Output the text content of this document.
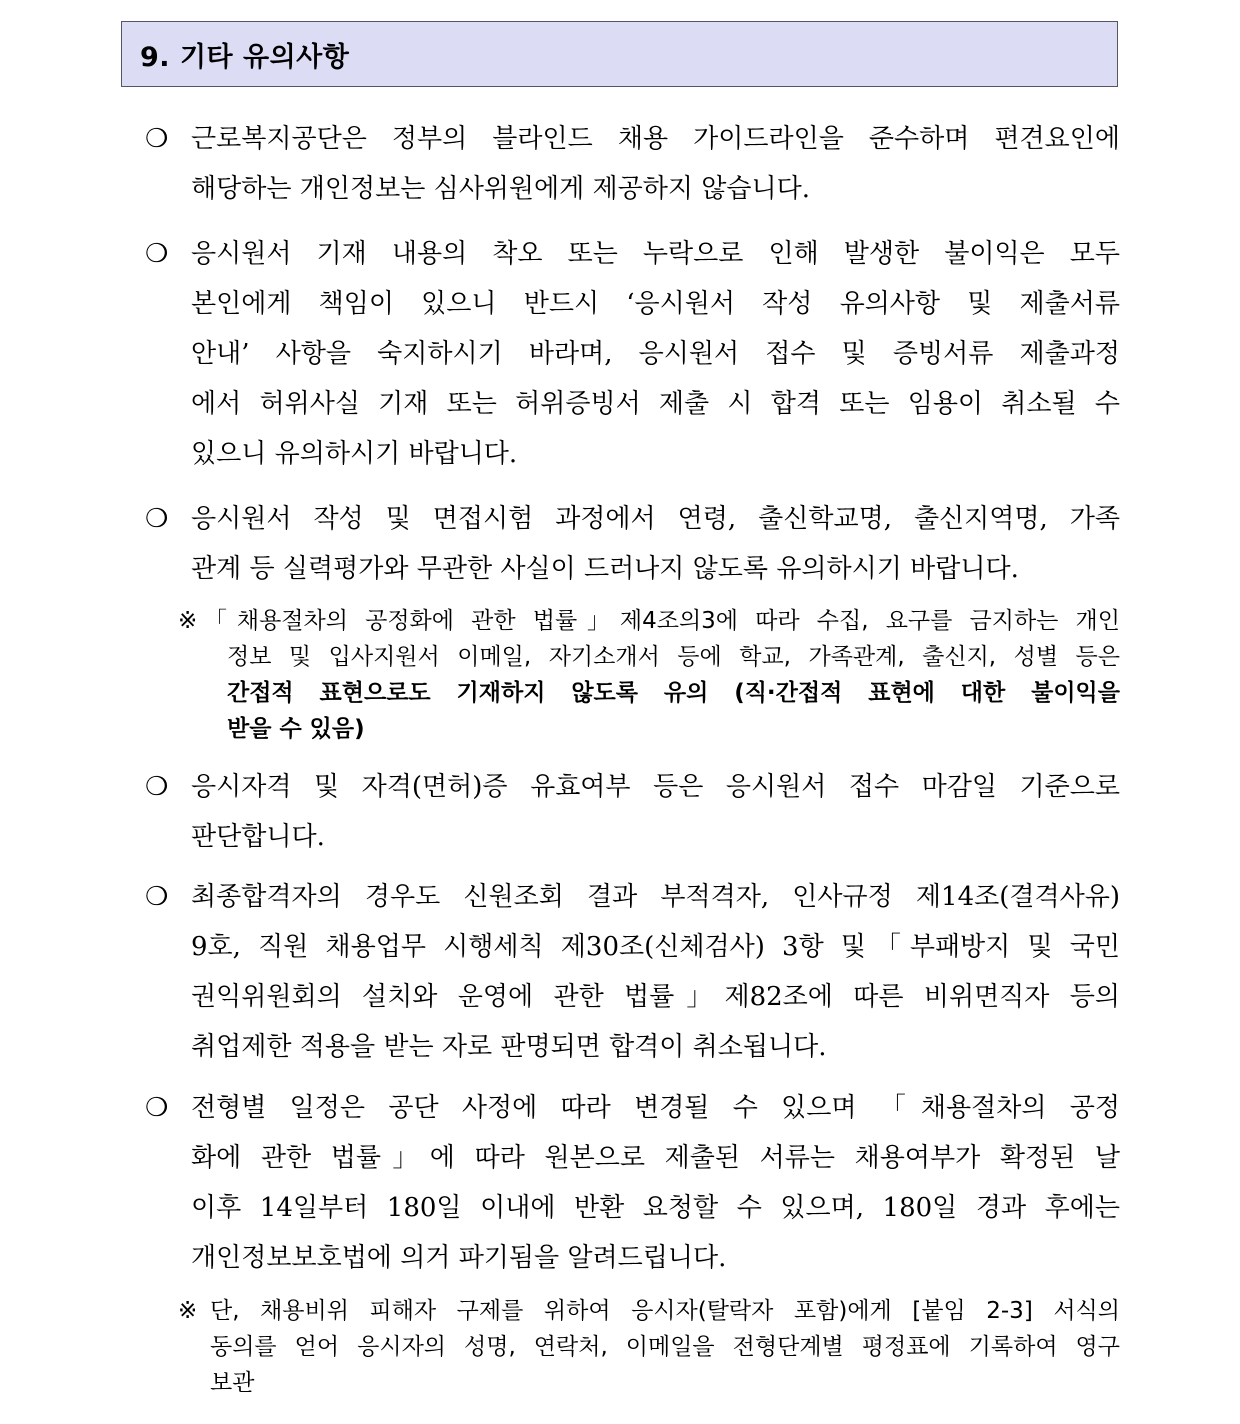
9. 기타 유의사항
❍ 근로복지공단은 정부의 블라인드 채용 가이드라인을 준수하며 편견요인에
해당하는 개인정보는 심사위원에게 제공하지 않습니다.
❍ 응시원서 기재 내용의 착오 또는 누락으로 인해 발생한 불이익은 모두
본인에게 책임이 있으니 반드시 ‘응시원서 작성 유의사항 및 제출서류
안내’ 사항을 숙지하시기 바라며, 응시원서 접수 및 증빙서류 제출과정
에서 허위사실 기재 또는 허위증빙서 제출 시 합격 또는 임용이 취소될 수
있으니 유의하시기 바랍니다.
❍ 응시원서 작성 및 면접시험 과정에서 연령, 출신학교명, 출신지역명, 가족
관계 등 실력평가와 무관한 사실이 드러나지 않도록 유의하시기 바랍니다.
※ 「채용절차의 공정화에 관한 법률」제4조의3에 따라 수집, 요구를 금지하는 개인
정보 및 입사지원서 이메일, 자기소개서 등에 학교, 가족관계, 출신지, 성별 등은
간접적 표현으로도 기재하지 않도록 유의 (직·간접적 표현에 대한 불이익을
받을 수 있음)
❍ 응시자격 및 자격(면허)증 유효여부 등은 응시원서 접수 마감일 기준으로
판단합니다.
❍ 최종합격자의 경우도 신원조회 결과 부적격자, 인사규정 제14조(결격사유)
9호, 직원 채용업무 시행세칙 제30조(신체검사) 3항 및「부패방지 및 국민
권익위원회의 설치와 운영에 관한 법률」제82조에 따른 비위면직자 등의
취업제한 적용을 받는 자로 판명되면 합격이 취소됩니다.
❍ 전형별 일정은 공단 사정에 따라 변경될 수 있으며 「채용절차의 공정
화에 관한 법률」에 따라 원본으로 제출된 서류는 채용여부가 확정된 날
이후 14일부터 180일 이내에 반환 요청할 수 있으며, 180일 경과 후에는
개인정보보호법에 의거 파기됨을 알려드립니다.
※ 단, 채용비위 피해자 구제를 위하여 응시자(탈락자 포함)에게 [붙임 2-3] 서식의
동의를 얻어 응시자의 성명, 연락처, 이메일을 전형단계별 평정표에 기록하여 영구
보관
